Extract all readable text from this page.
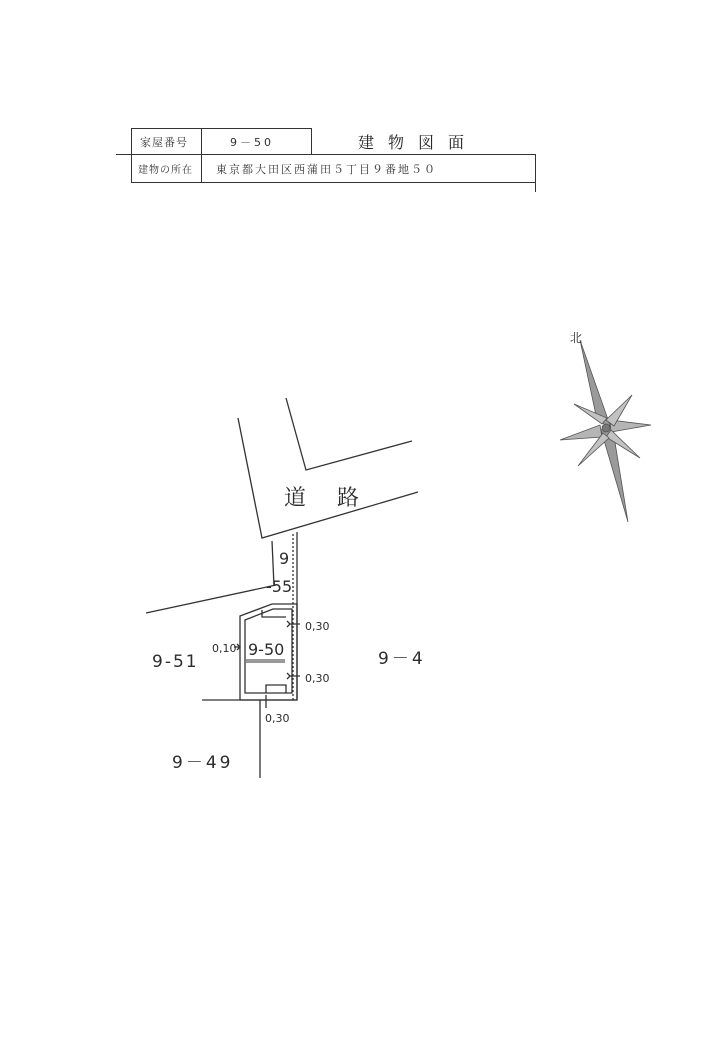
家屋番号	9－50	建物図面
建物の所在 東京都大田区西蒲田５丁目９番地５０
道 路
9
-55
9-50
9-51	9－4
9－49
0,10
0,30
0,30
0,30
北
